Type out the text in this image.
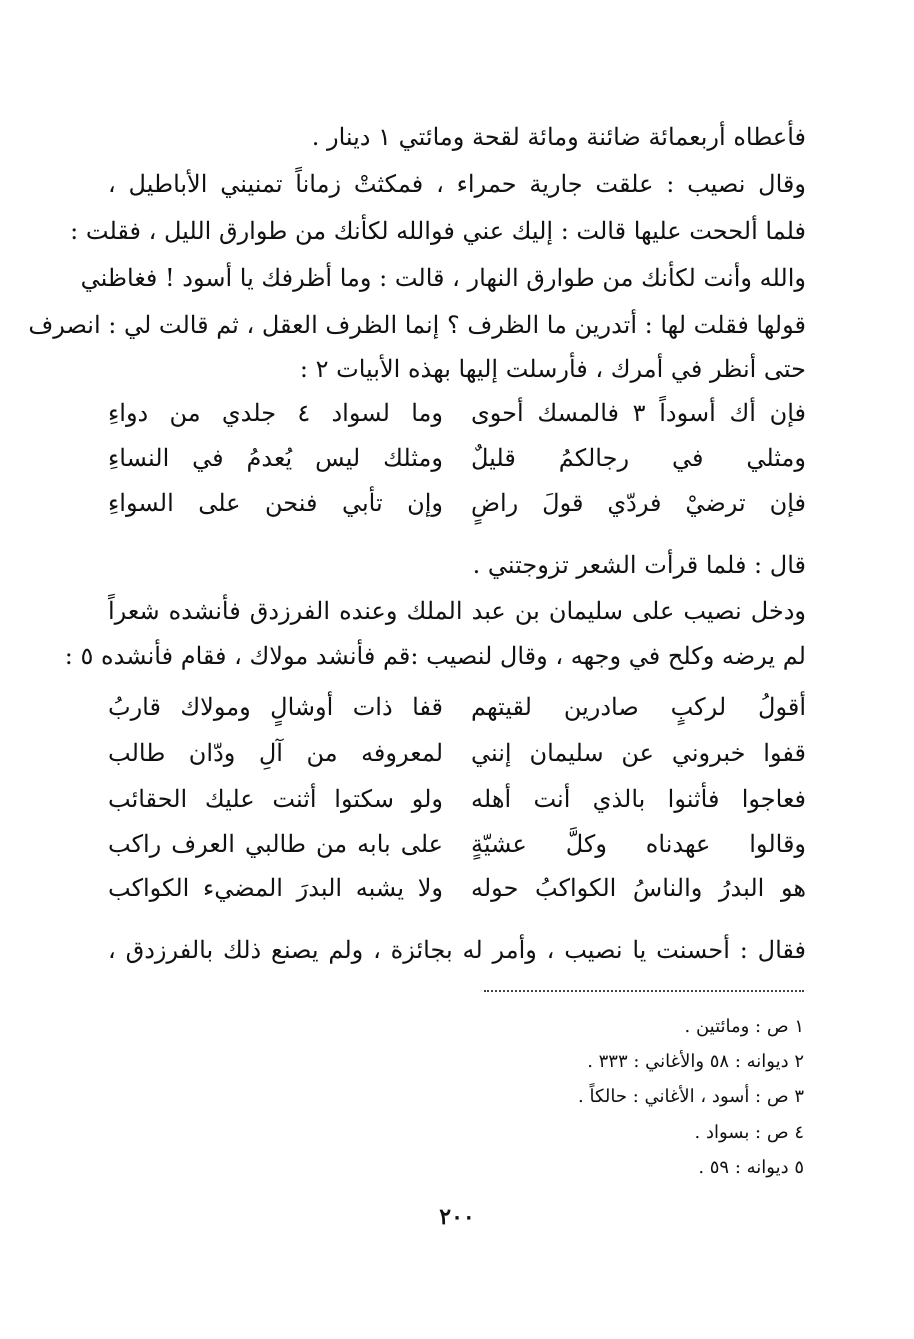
فأعطاه أربعمائة ضائنة ومائة لقحة ومائتي ١ دينار .
وقال نصيب : علقت جارية حمراء ، فمكثتْ زماناً تمنيني الأباطيل ،
فلما ألححت عليها قالت : إليك عني فوالله لكأنك من طوارق الليل ، فقلت :
والله وأنت لكأنك من طوارق النهار ، قالت : وما أظرفك يا أسود ! فغاظني
قولها فقلت لها : أتدرين ما الظرف ؟ إنما الظرف العقل ، ثم قالت لي : انصرف
حتى أنظر في أمرك ، فأرسلت إليها بهذه الأبيات ٢ :
فإن أك أسوداً ٣ فالمسك أحوى
وما لسواد ٤ جلدي من دواءِ
ومثلي في رجالكمُ قليلٌ
ومثلك ليس يُعدمُ في النساءِ
فإن ترضيْ فردّي قولَ راضٍ
وإن تأبي فنحن على السواءِ
قال : فلما قرأت الشعر تزوجتني .
ودخل نصيب على سليمان بن عبد الملك وعنده الفرزدق فأنشده شعراً
لم يرضه وكلح في وجهه ، وقال لنصيب :قم فأنشد مولاك ، فقام فأنشده ٥ :
أقولُ لركبٍ صادرين لقيتهم
قفا ذات أوشالٍ ومولاك قاربُ
قفوا خبروني عن سليمان إنني
لمعروفه من آلِ ودّان طالب
فعاجوا فأثنوا بالذي أنت أهله
ولو سكتوا أثنت عليك الحقائب
وقالوا عهدناه وكلَّ عشيّةٍ
على بابه من طالبي العرف راكب
هو البدرُ والناسُ الكواكبُ حوله
ولا يشبه البدرَ المضيء الكواكب
فقال : أحسنت يا نصيب ، وأمر له بجائزة ، ولم يصنع ذلك بالفرزدق ،
١ ص : ومائتين .
٢ ديوانه : ٥٨ والأغاني : ٣٣٣ .
٣ ص : أسود ، الأغاني : حالكاً .
٤ ص : بسواد .
٥ ديوانه : ٥٩ .
٢٠٠
